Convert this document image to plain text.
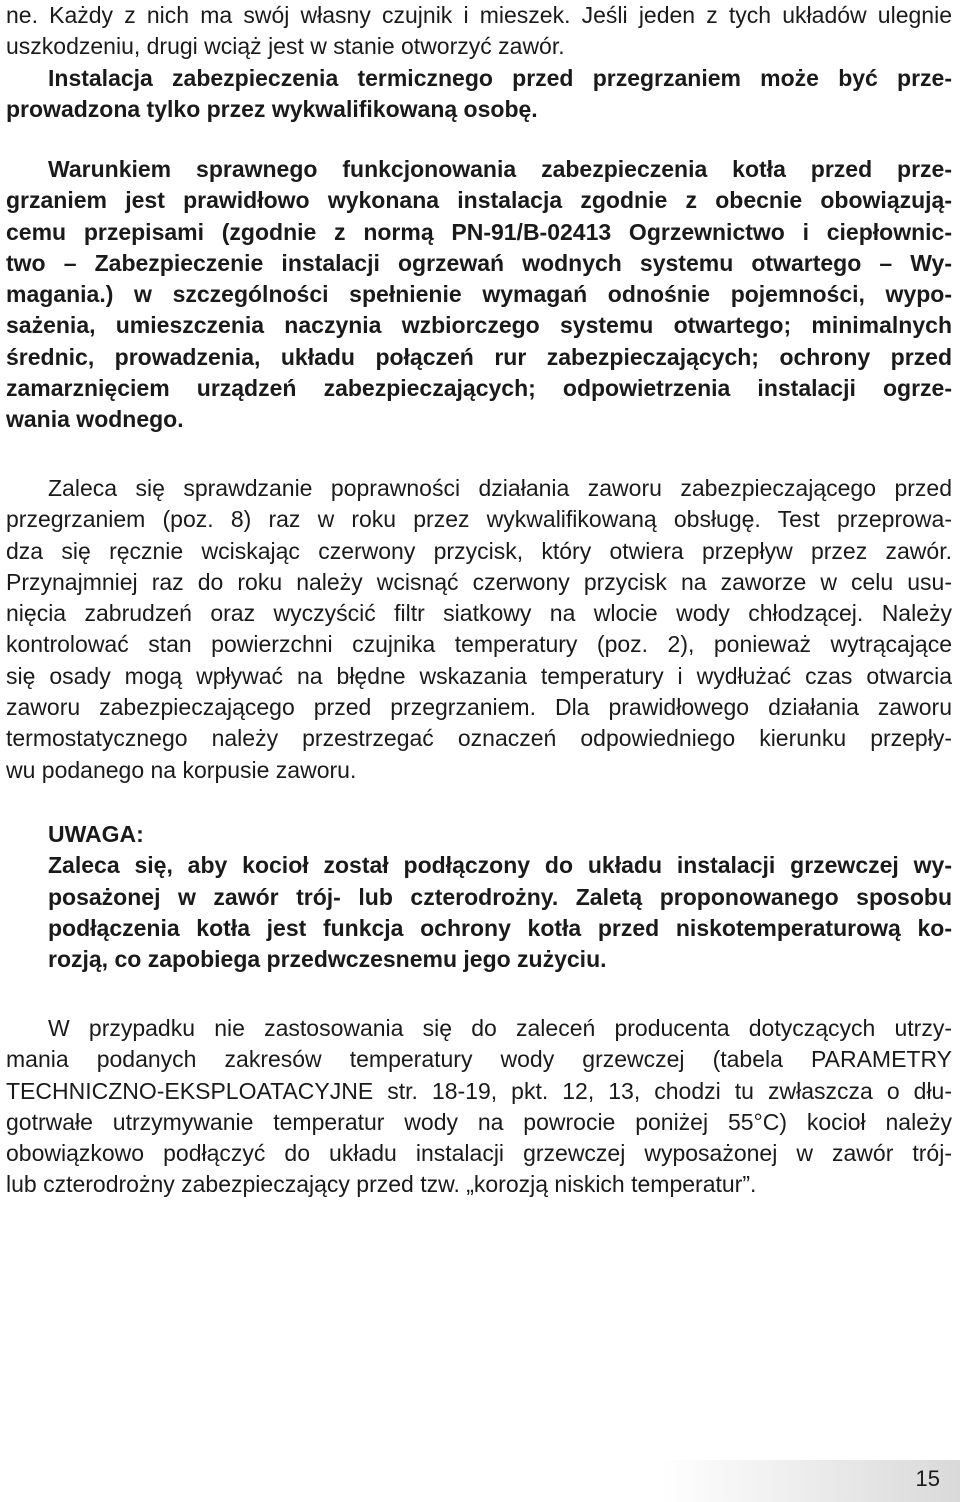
ne. Każdy z nich ma swój własny czujnik i mieszek. Jeśli jeden z tych układów ulegnie
uszkodzeniu, drugi wciąż jest w stanie otworzyć zawór.
Instalacja zabezpieczenia termicznego przed przegrzaniem może być prze-
prowadzona tylko przez wykwalifikowaną osobę.
Warunkiem sprawnego funkcjonowania zabezpieczenia kotła przed prze-
grzaniem jest prawidłowo wykonana instalacja zgodnie z obecnie obowiązują-
cemu przepisami (zgodnie z normą PN-91/B-02413 Ogrzewnictwo i ciepłownic-
two – Zabezpieczenie instalacji ogrzewań wodnych systemu otwartego – Wy-
magania.) w szczególności spełnienie wymagań odnośnie pojemności, wypo-
sażenia, umieszczenia naczynia wzbiorczego systemu otwartego; minimalnych
średnic, prowadzenia, układu połączeń rur zabezpieczających; ochrony przed
zamarznięciem urządzeń zabezpieczających; odpowietrzenia instalacji ogrze-
wania wodnego.
Zaleca się sprawdzanie poprawności działania zaworu zabezpieczającego przed
przegrzaniem (poz. 8) raz w roku przez wykwalifikowaną obsługę. Test przeprowa-
dza się ręcznie wciskając czerwony przycisk, który otwiera przepływ przez zawór.
Przynajmniej raz do roku należy wcisnąć czerwony przycisk na zaworze w celu usu-
nięcia zabrudzeń oraz wyczyścić filtr siatkowy na wlocie wody chłodzącej. Należy
kontrolować stan powierzchni czujnika temperatury (poz. 2), ponieważ wytrącające
się osady mogą wpływać na błędne wskazania temperatury i wydłużać czas otwarcia
zaworu zabezpieczającego przed przegrzaniem. Dla prawidłowego działania zaworu
termostatycznego należy przestrzegać oznaczeń odpowiedniego kierunku przepły-
wu podanego na korpusie zaworu.
UWAGA:
Zaleca się, aby kocioł został podłączony do układu instalacji grzewczej wy-
posażonej w zawór trój- lub czterodrożny. Zaletą proponowanego sposobu
podłączenia kotła jest funkcja ochrony kotła przed niskotemperaturową ko-
rozją, co zapobiega przedwczesnemu jego zużyciu.
W przypadku nie zastosowania się do zaleceń producenta dotyczących utrzy-
mania podanych zakresów temperatury wody grzewczej (tabela PARAMETRY
TECHNICZNO-EKSPLOATACYJNE str. 18-19, pkt. 12, 13, chodzi tu zwłaszcza o dłu-
gotrwałe utrzymywanie temperatur wody na powrocie poniżej 55°C) kocioł należy
obowiązkowo podłączyć do układu instalacji grzewczej wyposażonej w zawór trój-
lub czterodrożny zabezpieczający przed tzw. „korozją niskich temperatur”.
15
